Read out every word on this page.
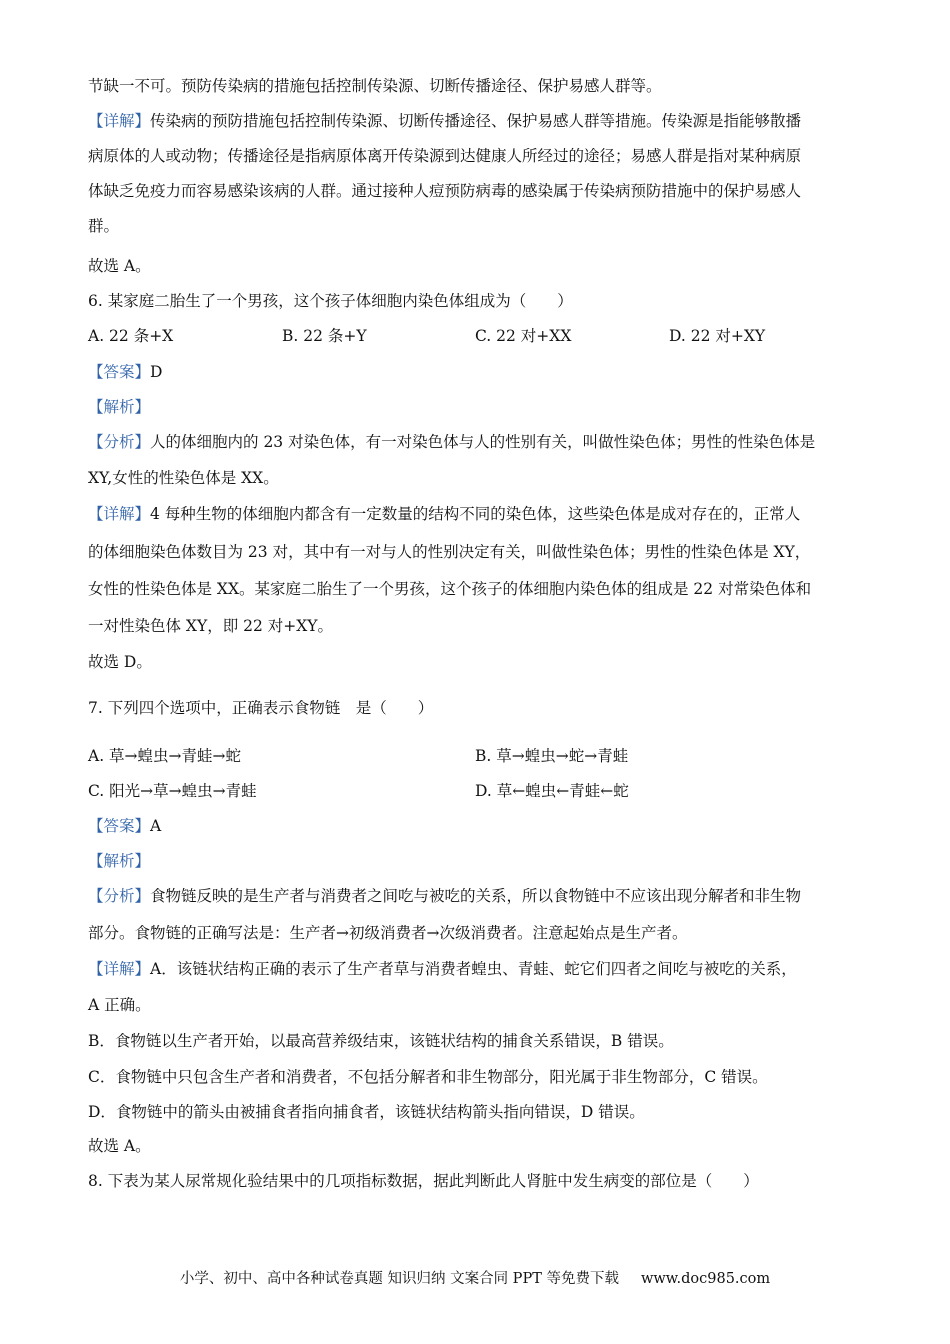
节缺一不可。预防传染病的措施包括控制传染源、切断传播途径、保护易感人群等。
【详解】传染病的预防措施包括控制传染源、切断传播途径、保护易感人群等措施。传染源是指能够散播
病原体的人或动物；传播途径是指病原体离开传染源到达健康人所经过的途径；易感人群是指对某种病原
体缺乏免疫力而容易感染该病的人群。通过接种人痘预防病毒的感染属于传染病预防措施中的保护易感人
群。
故选 A。
6. 某家庭二胎生了一个男孩，这个孩子体细胞内染色体组成为（　　）
A. 22 条+X	B. 22 条+Y	C. 22 对+XX	D. 22 对+XY
【答案】D
【解析】
【分析】人的体细胞内的 23 对染色体，有一对染色体与人的性别有关，叫做性染色体；男性的性染色体是
XY,女性的性染色体是 XX。
【详解】4 每种生物的体细胞内都含有一定数量的结构不同的染色体，这些染色体是成对存在的，正常人
的体细胞染色体数目为 23 对，其中有一对与人的性别决定有关，叫做性染色体；男性的性染色体是 XY，
女性的性染色体是 XX。某家庭二胎生了一个男孩，这个孩子的体细胞内染色体的组成是 22 对常染色体和
一对性染色体 XY，即 22 对+XY。
故选 D。
7. 下列四个选项中，正确表示食物链　是（　　）
A. 草→蝗虫→青蛙→蛇	B. 草→蝗虫→蛇→青蛙
C. 阳光→草→蝗虫→青蛙	D. 草←蝗虫←青蛙←蛇
【答案】A
【解析】
【分析】食物链反映的是生产者与消费者之间吃与被吃的关系，所以食物链中不应该出现分解者和非生物
部分。食物链的正确写法是：生产者→初级消费者→次级消费者。注意起始点是生产者。
【详解】A．该链状结构正确的表示了生产者草与消费者蝗虫、青蛙、蛇它们四者之间吃与被吃的关系，
A 正确。
B．食物链以生产者开始，以最高营养级结束，该链状结构的捕食关系错误，B 错误。
C．食物链中只包含生产者和消费者，不包括分解者和非生物部分，阳光属于非生物部分，C 错误。
D．食物链中的箭头由被捕食者指向捕食者，该链状结构箭头指向错误，D 错误。
故选 A。
8. 下表为某人尿常规化验结果中的几项指标数据，据此判断此人肾脏中发生病变的部位是（　　）
小学、初中、高中各种试卷真题 知识归纳 文案合同 PPT 等免费下载 www.doc985.com
